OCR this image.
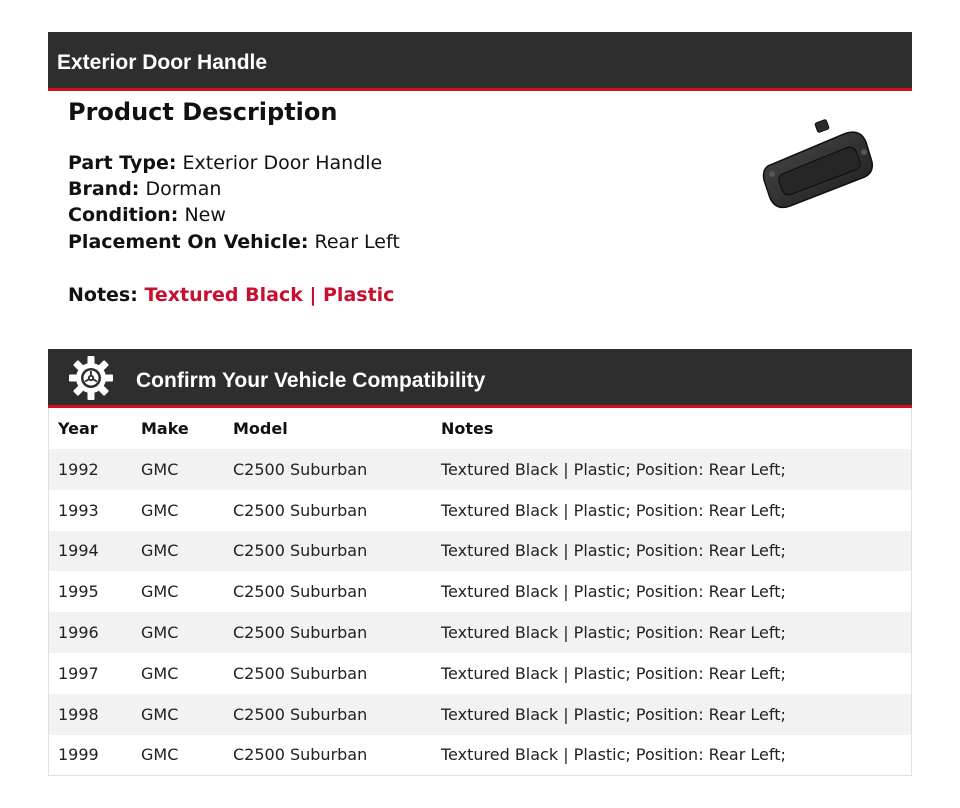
Exterior Door Handle
Product Description
Part Type: Exterior Door Handle
Brand: Dorman
Condition: New
Placement On Vehicle: Rear Left
Notes: Textured Black | Plastic
Confirm Your Vehicle Compatibility
Year	Make	Model	Notes
1992	GMC	C2500 Suburban	Textured Black | Plastic; Position: Rear Left;
1993	GMC	C2500 Suburban	Textured Black | Plastic; Position: Rear Left;
1994	GMC	C2500 Suburban	Textured Black | Plastic; Position: Rear Left;
1995	GMC	C2500 Suburban	Textured Black | Plastic; Position: Rear Left;
1996	GMC	C2500 Suburban	Textured Black | Plastic; Position: Rear Left;
1997	GMC	C2500 Suburban	Textured Black | Plastic; Position: Rear Left;
1998	GMC	C2500 Suburban	Textured Black | Plastic; Position: Rear Left;
1999	GMC	C2500 Suburban	Textured Black | Plastic; Position: Rear Left;
